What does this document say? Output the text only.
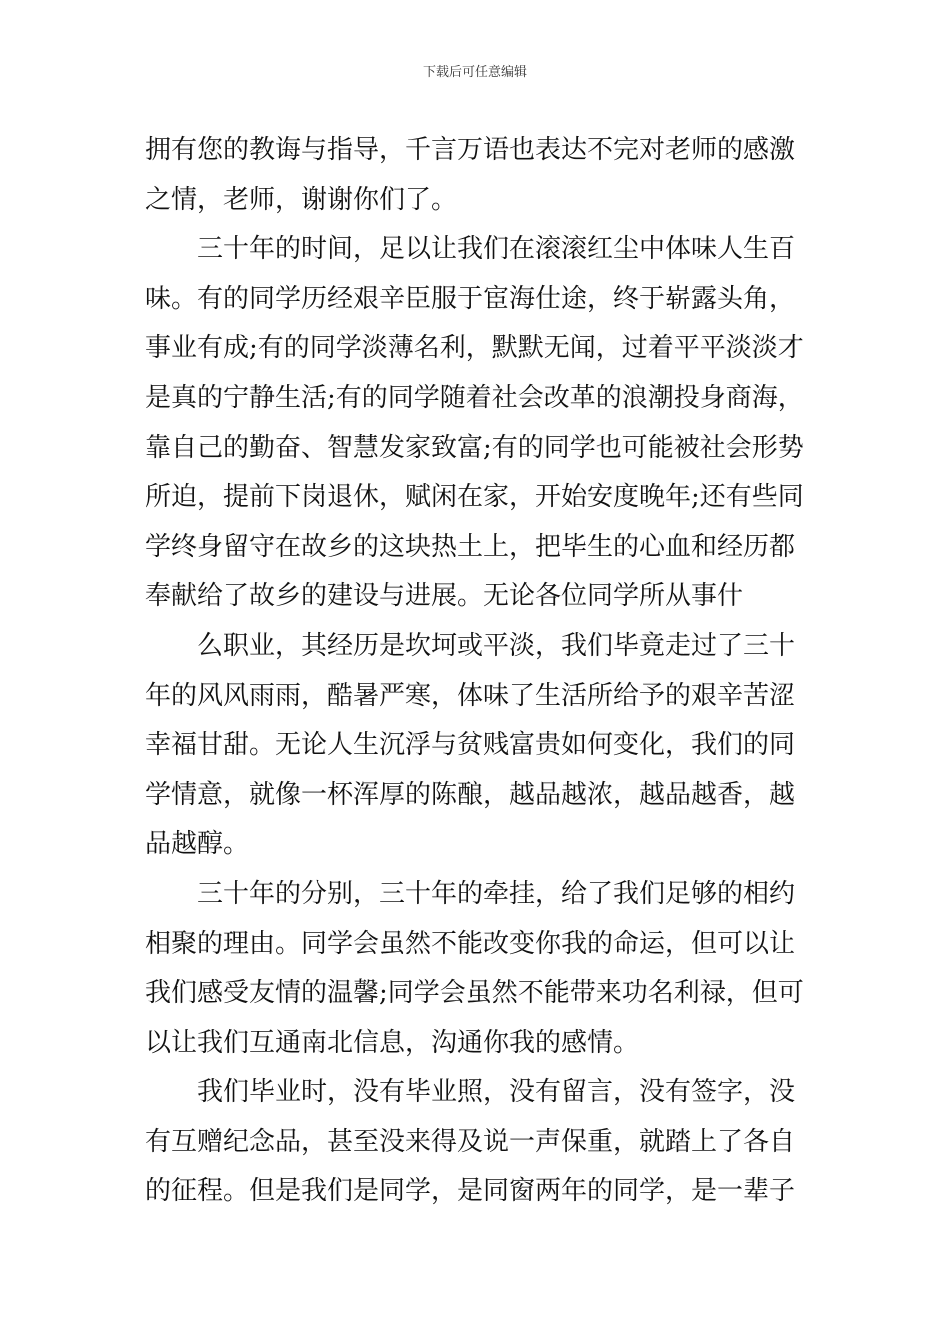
下载后可任意编辑
拥有您的教诲与指导，千言万语也表达不完对老师的感激
之情，老师，谢谢你们了。
三十年的时间，足以让我们在滚滚红尘中体味人生百
味。有的同学历经艰辛臣服于宦海仕途，终于崭露头角，
事业有成;有的同学淡薄名利，默默无闻，过着平平淡淡才
是真的宁静生活;有的同学随着社会改革的浪潮投身商海，
靠自己的勤奋、智慧发家致富;有的同学也可能被社会形势
所迫，提前下岗退休，赋闲在家，开始安度晚年;还有些同
学终身留守在故乡的这块热土上，把毕生的心血和经历都
奉献给了故乡的建设与进展。无论各位同学所从事什
么职业，其经历是坎坷或平淡，我们毕竟走过了三十
年的风风雨雨，酷暑严寒，体味了生活所给予的艰辛苦涩
幸福甘甜。无论人生沉浮与贫贱富贵如何变化，我们的同
学情意，就像一杯浑厚的陈酿，越品越浓，越品越香，越
品越醇。
三十年的分别，三十年的牵挂，给了我们足够的相约
相聚的理由。同学会虽然不能改变你我的命运，但可以让
我们感受友情的温馨;同学会虽然不能带来功名利禄，但可
以让我们互通南北信息，沟通你我的感情。
我们毕业时，没有毕业照，没有留言，没有签字，没
有互赠纪念品，甚至没来得及说一声保重，就踏上了各自
的征程。但是我们是同学，是同窗两年的同学，是一辈子
